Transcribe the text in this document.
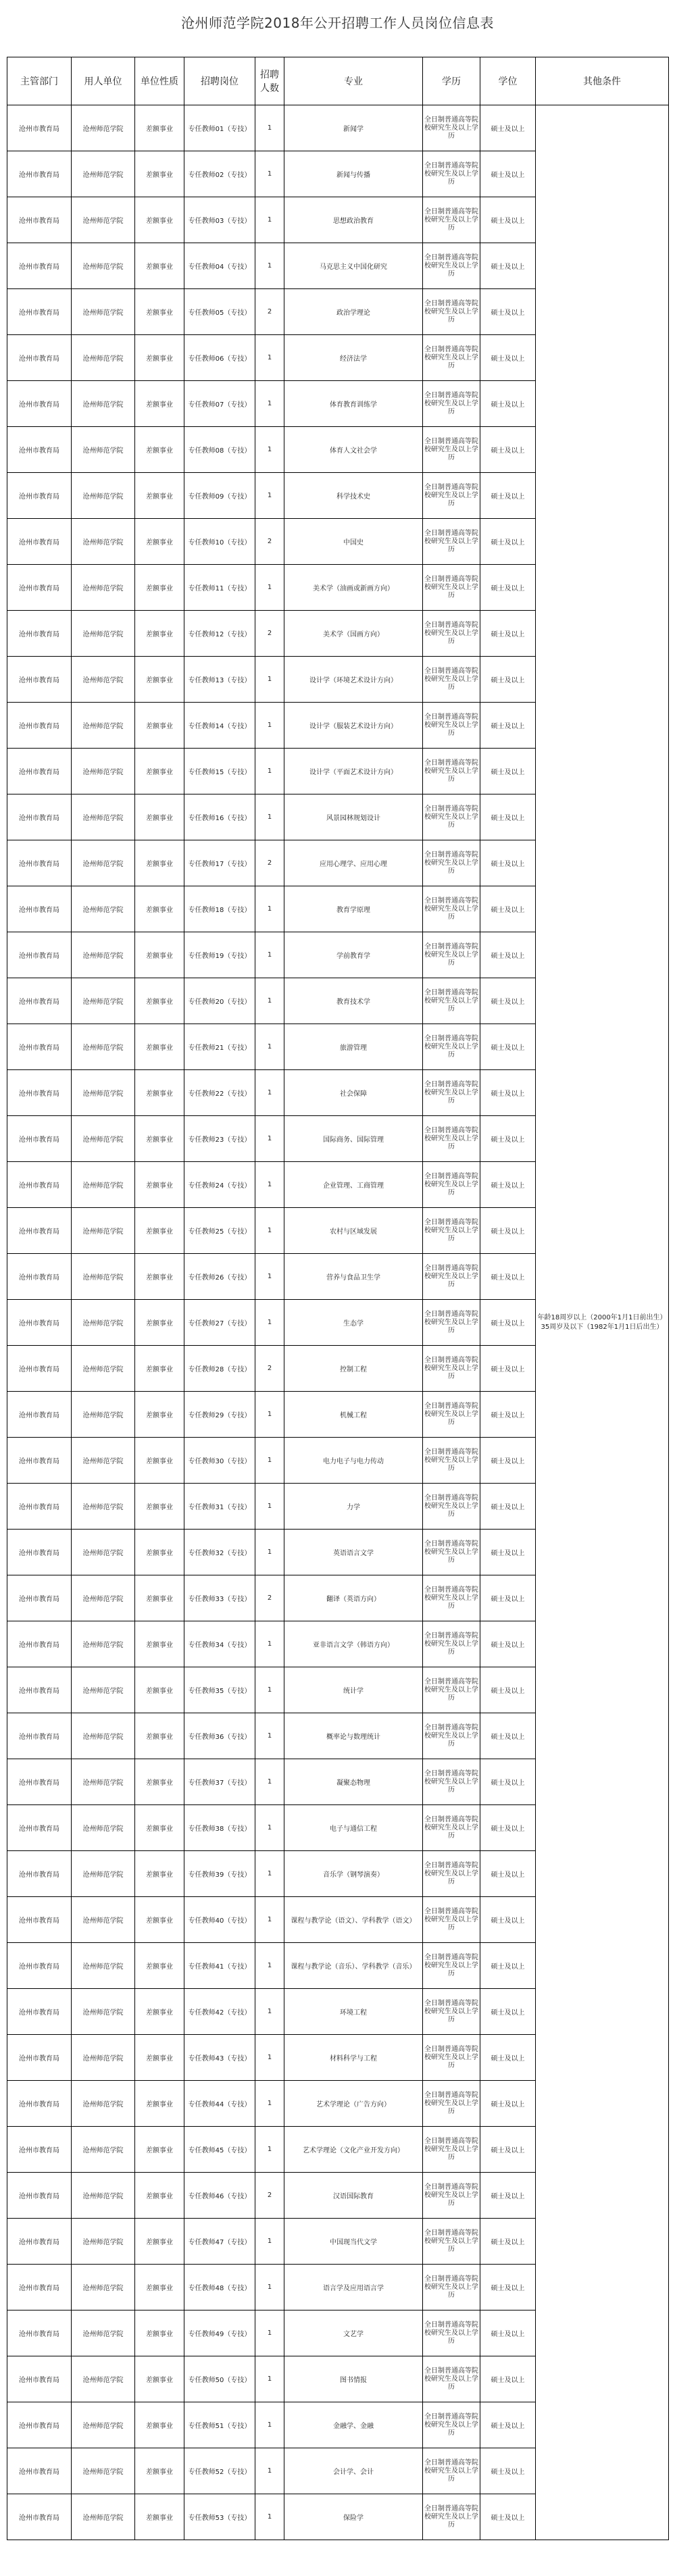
沧州师范学院2018年公开招聘工作人员岗位信息表
主管部门	用人单位	单位性质	招聘岗位	招聘人数	专业	学历	学位	其他条件
沧州市教育局	沧州师范学院	差额事业	专任教师01（专技）	1	新闻学	全日制普通高等院校研究生及以上学历	硕士及以上	年龄18周岁以上（2000年1月1日前出生）35周岁及以下（1982年1月1日后出生）
沧州市教育局	沧州师范学院	差额事业	专任教师02（专技）	1	新闻与传播	全日制普通高等院校研究生及以上学历	硕士及以上	
沧州市教育局	沧州师范学院	差额事业	专任教师03（专技）	1	思想政治教育	全日制普通高等院校研究生及以上学历	硕士及以上	
沧州市教育局	沧州师范学院	差额事业	专任教师04（专技）	1	马克思主义中国化研究	全日制普通高等院校研究生及以上学历	硕士及以上	
沧州市教育局	沧州师范学院	差额事业	专任教师05（专技）	2	政治学理论	全日制普通高等院校研究生及以上学历	硕士及以上	
沧州市教育局	沧州师范学院	差额事业	专任教师06（专技）	1	经济法学	全日制普通高等院校研究生及以上学历	硕士及以上	
沧州市教育局	沧州师范学院	差额事业	专任教师07（专技）	1	体育教育训练学	全日制普通高等院校研究生及以上学历	硕士及以上	
沧州市教育局	沧州师范学院	差额事业	专任教师08（专技）	1	体育人文社会学	全日制普通高等院校研究生及以上学历	硕士及以上	
沧州市教育局	沧州师范学院	差额事业	专任教师09（专技）	1	科学技术史	全日制普通高等院校研究生及以上学历	硕士及以上	
沧州市教育局	沧州师范学院	差额事业	专任教师10（专技）	2	中国史	全日制普通高等院校研究生及以上学历	硕士及以上	
沧州市教育局	沧州师范学院	差额事业	专任教师11（专技）	1	美术学（油画或新画方向）	全日制普通高等院校研究生及以上学历	硕士及以上	
沧州市教育局	沧州师范学院	差额事业	专任教师12（专技）	2	美术学（国画方向）	全日制普通高等院校研究生及以上学历	硕士及以上	
沧州市教育局	沧州师范学院	差额事业	专任教师13（专技）	1	设计学（环境艺术设计方向）	全日制普通高等院校研究生及以上学历	硕士及以上	
沧州市教育局	沧州师范学院	差额事业	专任教师14（专技）	1	设计学（服装艺术设计方向）	全日制普通高等院校研究生及以上学历	硕士及以上	
沧州市教育局	沧州师范学院	差额事业	专任教师15（专技）	1	设计学（平面艺术设计方向）	全日制普通高等院校研究生及以上学历	硕士及以上	
沧州市教育局	沧州师范学院	差额事业	专任教师16（专技）	1	风景园林规划设计	全日制普通高等院校研究生及以上学历	硕士及以上	
沧州市教育局	沧州师范学院	差额事业	专任教师17（专技）	2	应用心理学、应用心理	全日制普通高等院校研究生及以上学历	硕士及以上	
沧州市教育局	沧州师范学院	差额事业	专任教师18（专技）	1	教育学原理	全日制普通高等院校研究生及以上学历	硕士及以上	
沧州市教育局	沧州师范学院	差额事业	专任教师19（专技）	1	学前教育学	全日制普通高等院校研究生及以上学历	硕士及以上	
沧州市教育局	沧州师范学院	差额事业	专任教师20（专技）	1	教育技术学	全日制普通高等院校研究生及以上学历	硕士及以上	
沧州市教育局	沧州师范学院	差额事业	专任教师21（专技）	1	旅游管理	全日制普通高等院校研究生及以上学历	硕士及以上	
沧州市教育局	沧州师范学院	差额事业	专任教师22（专技）	1	社会保障	全日制普通高等院校研究生及以上学历	硕士及以上	
沧州市教育局	沧州师范学院	差额事业	专任教师23（专技）	1	国际商务、国际管理	全日制普通高等院校研究生及以上学历	硕士及以上	
沧州市教育局	沧州师范学院	差额事业	专任教师24（专技）	1	企业管理、工商管理	全日制普通高等院校研究生及以上学历	硕士及以上	
沧州市教育局	沧州师范学院	差额事业	专任教师25（专技）	1	农村与区域发展	全日制普通高等院校研究生及以上学历	硕士及以上	
沧州市教育局	沧州师范学院	差额事业	专任教师26（专技）	1	营养与食品卫生学	全日制普通高等院校研究生及以上学历	硕士及以上	
沧州市教育局	沧州师范学院	差额事业	专任教师27（专技）	1	生态学	全日制普通高等院校研究生及以上学历	硕士及以上	
沧州市教育局	沧州师范学院	差额事业	专任教师28（专技）	2	控制工程	全日制普通高等院校研究生及以上学历	硕士及以上	
沧州市教育局	沧州师范学院	差额事业	专任教师29（专技）	1	机械工程	全日制普通高等院校研究生及以上学历	硕士及以上	
沧州市教育局	沧州师范学院	差额事业	专任教师30（专技）	1	电力电子与电力传动	全日制普通高等院校研究生及以上学历	硕士及以上	
沧州市教育局	沧州师范学院	差额事业	专任教师31（专技）	1	力学	全日制普通高等院校研究生及以上学历	硕士及以上	
沧州市教育局	沧州师范学院	差额事业	专任教师32（专技）	1	英语语言文学	全日制普通高等院校研究生及以上学历	硕士及以上	
沧州市教育局	沧州师范学院	差额事业	专任教师33（专技）	2	翻译（英语方向）	全日制普通高等院校研究生及以上学历	硕士及以上	
沧州市教育局	沧州师范学院	差额事业	专任教师34（专技）	1	亚非语言文学（韩语方向）	全日制普通高等院校研究生及以上学历	硕士及以上	
沧州市教育局	沧州师范学院	差额事业	专任教师35（专技）	1	统计学	全日制普通高等院校研究生及以上学历	硕士及以上	
沧州市教育局	沧州师范学院	差额事业	专任教师36（专技）	1	概率论与数理统计	全日制普通高等院校研究生及以上学历	硕士及以上	
沧州市教育局	沧州师范学院	差额事业	专任教师37（专技）	1	凝聚态物理	全日制普通高等院校研究生及以上学历	硕士及以上	
沧州市教育局	沧州师范学院	差额事业	专任教师38（专技）	1	电子与通信工程	全日制普通高等院校研究生及以上学历	硕士及以上	
沧州市教育局	沧州师范学院	差额事业	专任教师39（专技）	1	音乐学（钢琴演奏）	全日制普通高等院校研究生及以上学历	硕士及以上	
沧州市教育局	沧州师范学院	差额事业	专任教师40（专技）	1	课程与教学论（语文）、学科教学（语文）	全日制普通高等院校研究生及以上学历	硕士及以上	
沧州市教育局	沧州师范学院	差额事业	专任教师41（专技）	1	课程与教学论（音乐）、学科教学（音乐）	全日制普通高等院校研究生及以上学历	硕士及以上	
沧州市教育局	沧州师范学院	差额事业	专任教师42（专技）	1	环境工程	全日制普通高等院校研究生及以上学历	硕士及以上	
沧州市教育局	沧州师范学院	差额事业	专任教师43（专技）	1	材料科学与工程	全日制普通高等院校研究生及以上学历	硕士及以上	
沧州市教育局	沧州师范学院	差额事业	专任教师44（专技）	1	艺术学理论（广告方向）	全日制普通高等院校研究生及以上学历	硕士及以上	
沧州市教育局	沧州师范学院	差额事业	专任教师45（专技）	1	艺术学理论（文化产业开发方向）	全日制普通高等院校研究生及以上学历	硕士及以上	
沧州市教育局	沧州师范学院	差额事业	专任教师46（专技）	2	汉语国际教育	全日制普通高等院校研究生及以上学历	硕士及以上	
沧州市教育局	沧州师范学院	差额事业	专任教师47（专技）	1	中国现当代文学	全日制普通高等院校研究生及以上学历	硕士及以上	
沧州市教育局	沧州师范学院	差额事业	专任教师48（专技）	1	语言学及应用语言学	全日制普通高等院校研究生及以上学历	硕士及以上	
沧州市教育局	沧州师范学院	差额事业	专任教师49（专技）	1	文艺学	全日制普通高等院校研究生及以上学历	硕士及以上	
沧州市教育局	沧州师范学院	差额事业	专任教师50（专技）	1	图书情报	全日制普通高等院校研究生及以上学历	硕士及以上	
沧州市教育局	沧州师范学院	差额事业	专任教师51（专技）	1	金融学、金融	全日制普通高等院校研究生及以上学历	硕士及以上	
沧州市教育局	沧州师范学院	差额事业	专任教师52（专技）	1	会计学、会计	全日制普通高等院校研究生及以上学历	硕士及以上	
沧州市教育局	沧州师范学院	差额事业	专任教师53（专技）	1	保险学	全日制普通高等院校研究生及以上学历	硕士及以上	
